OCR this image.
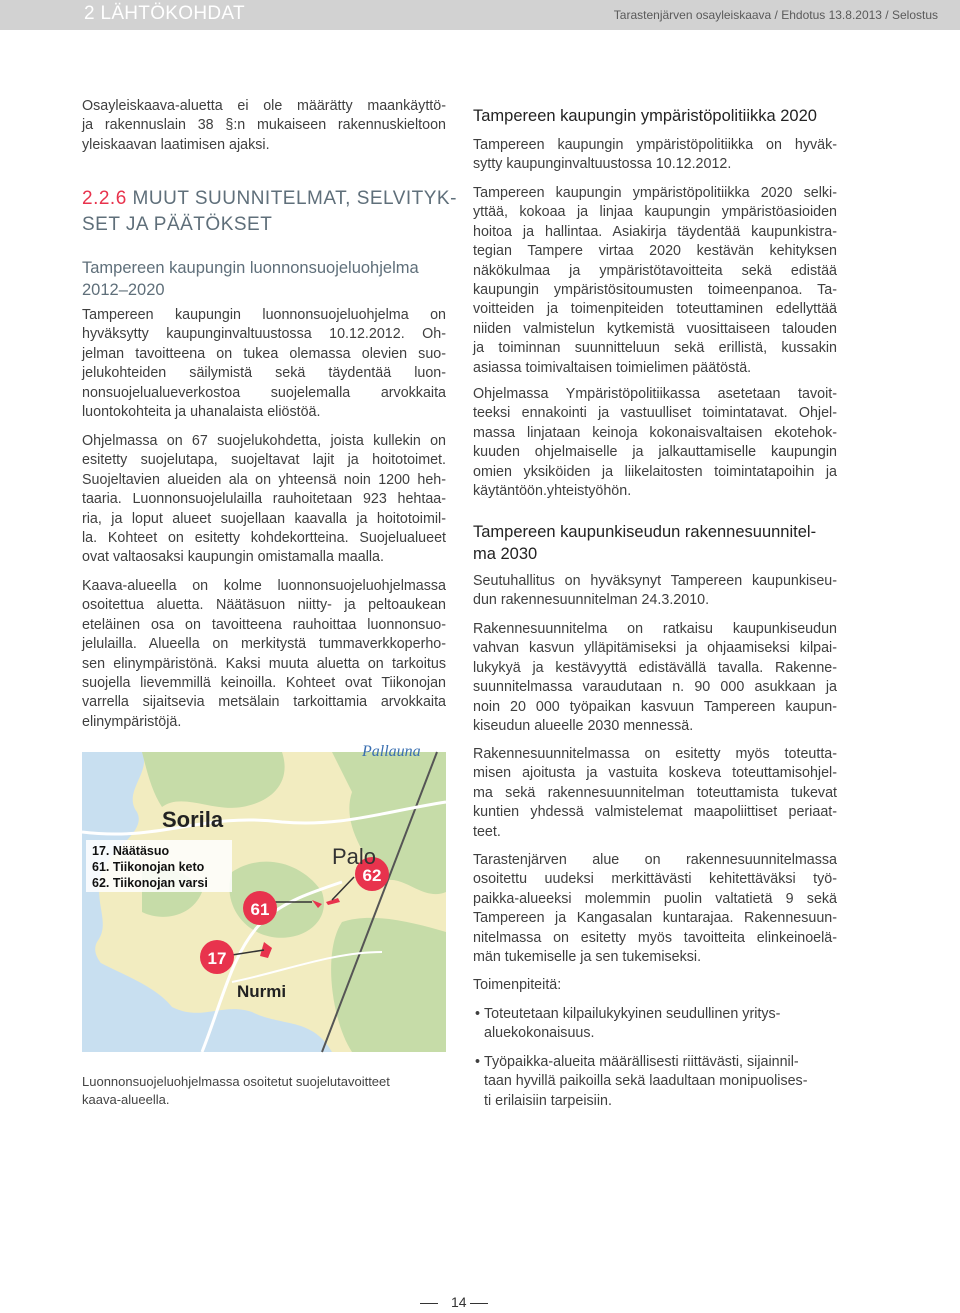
2 LÄHTÖKOHDAT	Tarastenjärven osayleiskaava / Ehdotus 13.8.2013 / Selostus
Osayleiskaava-aluetta ei ole määrätty maankäyttö-
ja rakennuslain 38 §:n mukaiseen rakennuskieltoon
yleiskaavan laatimisen ajaksi.
2.2.6 MUUT SUUNNITELMAT, SELVITYK-
SET JA PÄÄTÖKSET
Tampereen kaupungin luonnonsuojeluohjelma
2012–2020
Tampereen kaupungin luonnonsuojeluohjelma on
hyväksytty kaupunginvaltuustossa 10.12.2012. Oh-
jelman tavoitteena on tukea olemassa olevien suo-
jelukohteiden säilymistä sekä täydentää luon-
nonsuojelualueverkostoa suojelemalla arvokkaita
luontokohteita ja uhanalaista eliöstöä.
Ohjelmassa on 67 suojelukohdetta, joista kullekin on
esitetty suojelutapa, suojeltavat lajit ja hoitotoimet.
Suojeltavien alueiden ala on yhteensä noin 1200 heh-
taaria. Luonnonsuojelulailla rauhoitetaan 923 hehtaa-
ria, ja loput alueet suojellaan kaavalla ja hoitotoimil-
la. Kohteet on esitetty kohdekortteina. Suojelualueet
ovat valtaosaksi kaupungin omistamalla maalla.
Kaava-alueella on kolme luonnonsuojeluohjelmassa
osoitettua aluetta. Näätäsuon niitty- ja peltoaukean
eteläinen osa on tavoitteena rauhoittaa luonnonsuo-
jelulailla. Alueella on merkitystä tummaverkkoperho-
sen elinympäristönä. Kaksi muuta aluetta on tarkoitus
suojella lievemmillä keinoilla. Kohteet ovat Tiikonojan
varrella sijaitsevia metsälain tarkoittamia arvokkaita
elinympäristöjä.
17
61
62
Sorila
Palo
Nurmi
Pallauna
17. Näätäsuo
61. Tiikonojan keto
62. Tiikonojan varsi
Luonnonsuojeluohjelmassa osoitetut suojelutavoitteet
kaava-alueella.
Tampereen kaupungin ympäristöpolitiikka 2020
Tampereen kaupungin ympäristöpolitiikka on hyväk-
sytty kaupunginvaltuustossa 10.12.2012.
Tampereen kaupungin ympäristöpolitiikka 2020 selki-
yttää, kokoaa ja linjaa kaupungin ympäristöasioiden
hoitoa ja hallintaa. Asiakirja täydentää kaupunkistra-
tegian Tampere virtaa 2020 kestävän kehityksen
näkökulmaa ja ympäristötavoitteita sekä edistää
kaupungin ympäristösitoumusten toimeenpanoa. Ta-
voitteiden ja toimenpiteiden toteuttaminen edellyttää
niiden valmistelun kytkemistä vuosittaiseen talouden
ja toiminnan suunnitteluun sekä erillistä, kussakin
asiassa toimivaltaisen toimielimen päätöstä.
Ohjelmassa Ympäristöpolitiikassa asetetaan tavoit-
teeksi ennakointi ja vastuulliset toimintatavat. Ohjel-
massa linjataan keinoja kokonaisvaltaisen ekotehok-
kuuden ohjelmaiselle ja jalkauttamiselle kaupungin
omien yksiköiden ja liikelaitosten toimintatapoihin ja
käytäntöön.yhteistyöhön.
Tampereen kaupunkiseudun rakennesuunnitel-
ma 2030
Seutuhallitus on hyväksynyt Tampereen kaupunkiseu-
dun rakennesuunnitelman 24.3.2010.
Rakennesuunnitelma on ratkaisu kaupunkiseudun
vahvan kasvun ylläpitämiseksi ja ohjaamiseksi kilpai-
lukykyä ja kestävyyttä edistävällä tavalla. Rakenne-
suunnitelmassa varaudutaan n. 90 000 asukkaan ja
noin 20 000 työpaikan kasvuun Tampereen kaupun-
kiseudun alueelle 2030 mennessä.
Rakennesuunnitelmassa on esitetty myös toteutta-
misen ajoitusta ja vastuita koskeva toteuttamisohjel-
ma sekä rakennesuunnitelman toteuttamista tukevat
kuntien yhdessä valmistelemat maapoliittiset periaat-
teet.
Tarastenjärven alue on rakennesuunnitelmassa
osoitettu uudeksi merkittävästi kehitettäväksi työ-
paikka-alueeksi molemmin puolin valtatietä 9 sekä
Tampereen ja Kangasalan kuntarajaa. Rakennesuun-
nitelmassa on esitetty myös tavoitteita elinkeinoelä-
män tukemiselle ja sen tukemiseksi.
Toimenpiteitä:
• Toteutetaan kilpailukykyinen seudullinen yritys-
aluekokonaisuus.
• Työpaikka-alueita määrällisesti riittävästi, sijainnil-
taan hyvillä paikoilla sekä laadultaan monipuolises-
ti erilaisiin tarpeisiin.
14
